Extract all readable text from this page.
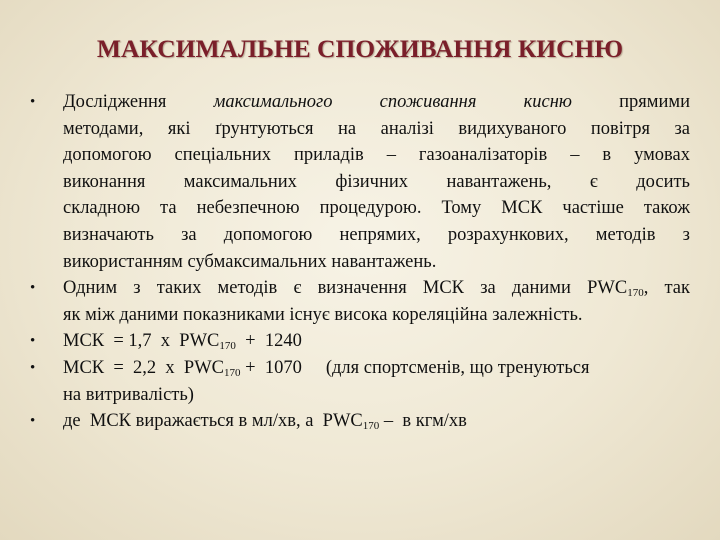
МАКСИМАЛЬНЕ СПОЖИВАННЯ КИСНЮ
•	Дослідження максимального споживання кисню прямими
методами, які ґрунтуються на аналізі видихуваного повітря за
допомогою спеціальних приладів – газоаналізаторів – в умовах
виконання максимальних фізичних навантажень, є досить
складною та небезпечною процедурою. Тому МСК частіше також
визначають за допомогою непрямих, розрахункових, методів з
використанням субмаксимальних навантажень.
•	Одним з таких методів є визначення МСК за даними $PWC_{170}$, так
як між даними показниками існує висока кореляційна залежність.
•	МСК  = 1,7  х  $PWC_{170} + 1240$
•	МСК  =  2,2  х  $PWC_{170} + 1070$ (для спортсменів, що тренуються
на витривалість)
•	де  МСК виражається в мл/хв, а  $PWC_{170}$ –  в кгм/хв
